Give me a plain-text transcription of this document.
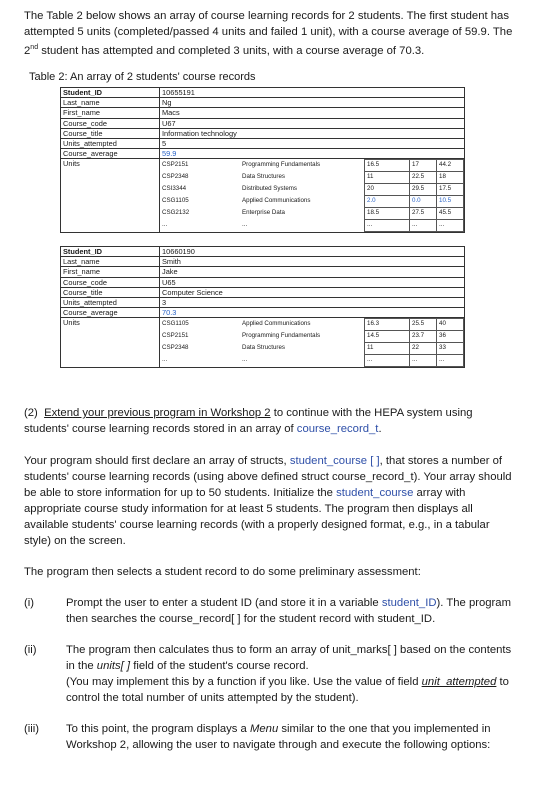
The Table 2 below shows an array of course learning records for 2 students. The first student has attempted 5 units (completed/passed 4 units and failed 1 unit), with a course average of 59.9. The 2nd student has attempted and completed 3 units, with a course average of 70.3.
Table 2: An array of 2 students' course records
Student_ID	10655191
Last_name	Ng
First_name	Macs
Course_code	U67
Course_title	Information technology
Units_attempted	5
Course_average	59.9
Units		CSP2151	Programming Fundamentals	16.5	17	44.2
CSP2348	Data Structures	11	22.5	18
CSI3344	Distributed Systems	20	29.5	17.5
CSG1105	Applied Communications	2.0	0.0	10.5
CSG2132	Enterprise Data	18.5	27.5	45.5
...	...	...	...	...
Student_ID	10660190
Last_name	Smith
First_name	Jake
Course_code	U65
Course_title	Computer Science
Units_attempted	3
Course_average	70.3
Units		CSG1105	Applied Communications	16.3	25.5	40
CSP2151	Programming Fundamentals	14.5	23.7	36
CSP2348	Data Structures	11	22	33
...	...	...	...	...
(2) Extend your previous program in Workshop 2 to continue with the HEPA system using students' course learning records stored in an array of course_record_t.
Your program should first declare an array of structs, student_course [ ], that stores a number of students' course learning records (using above defined struct course_record_t). Your array should be able to store information for up to 50 students. Initialize the student_course array with appropriate course study information for at least 5 students. The program then displays all available students' course learning records (with a properly designed format, e.g., in a tabular style) on the screen.
The program then selects a student record to do some preliminary assessment:
(i)	Prompt the user to enter a student ID (and store it in a variable student_ID). The program then searches the course_record[ ] for the student record with student_ID.
(ii)	The program then calculates thus to form an array of unit_marks[ ] based on the contents in the units[ ] field of the student's course record.
(You may implement this by a function if you like. Use the value of field unit_attempted to control the total number of units attempted by the student).
(iii) To this point, the program displays a Menu similar to the one that you implemented in Workshop 2, allowing the user to navigate through and execute the following options:
